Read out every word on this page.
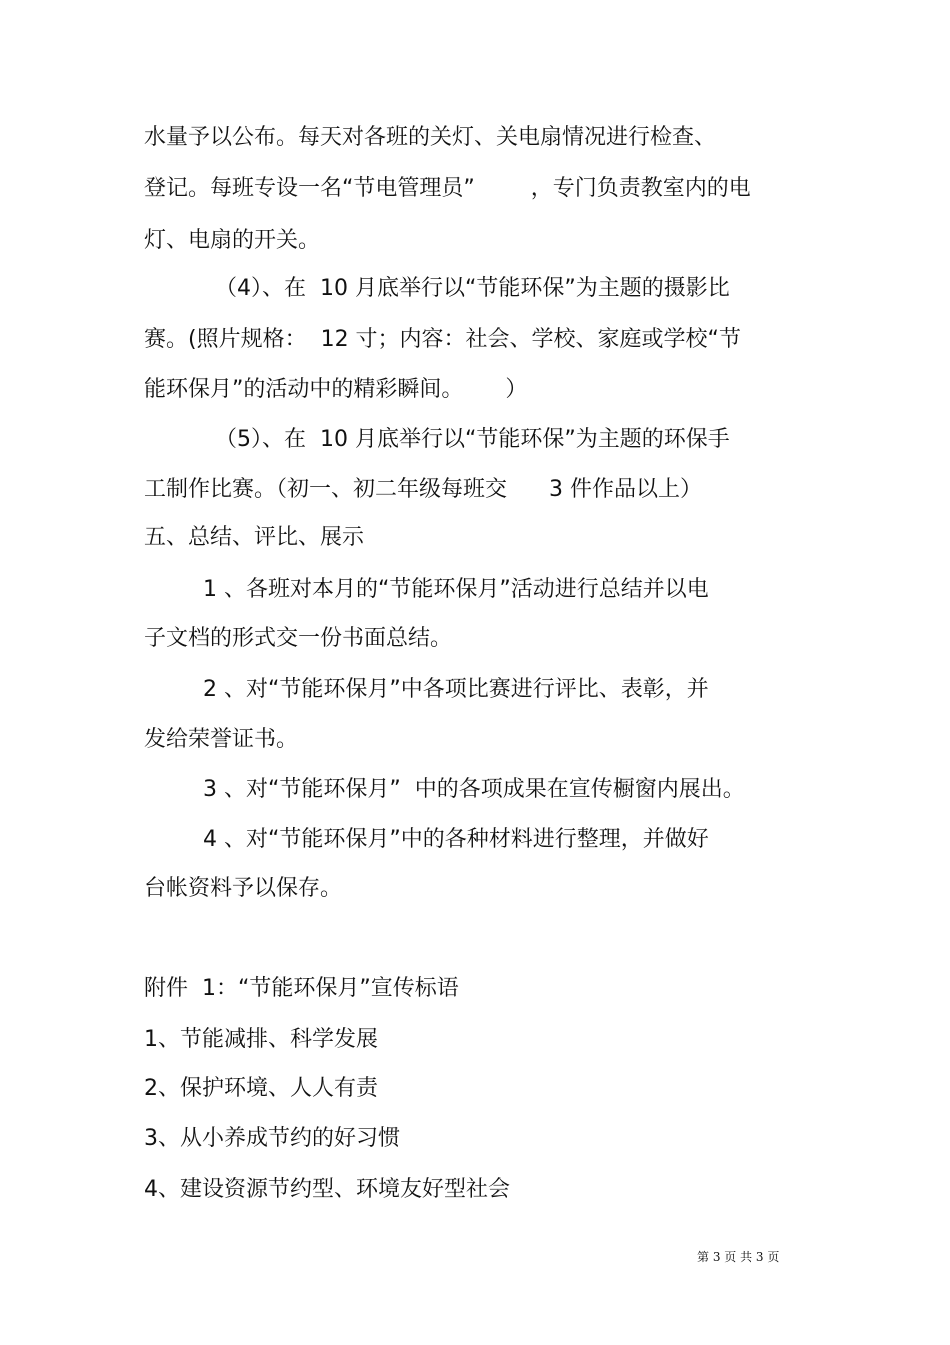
水量予以公布。每天对各班的关灯、关电扇情况进行检查、
登记。每班专设一名“节电管理员”        ，专门负责教室内的电
灯、电扇的开关。
（4）、在  10 月底举行以“节能环保”为主题的摄影比
赛。(照片规格：  12 寸；内容：社会、学校、家庭或学校“节
能环保月”的活动中的精彩瞬间。      ）
（5）、在  10 月底举行以“节能环保”为主题的环保手
工制作比赛。（初一、初二年级每班交      3 件作品以上）
五、总结、评比、展示
1 、各班对本月的“节能环保月”活动进行总结并以电
子文档的形式交一份书面总结。
2 、对“节能环保月”中各项比赛进行评比、表彰，并
发给荣誉证书。
3 、对“节能环保月”  中的各项成果在宣传橱窗内展出。
4 、对“节能环保月”中的各种材料进行整理，并做好
台帐资料予以保存。
附件  1：“节能环保月”宣传标语
1、节能减排、科学发展
2、保护环境、人人有责
3、从小养成节约的好习惯
4、建设资源节约型、环境友好型社会
第 3 页 共 3 页
